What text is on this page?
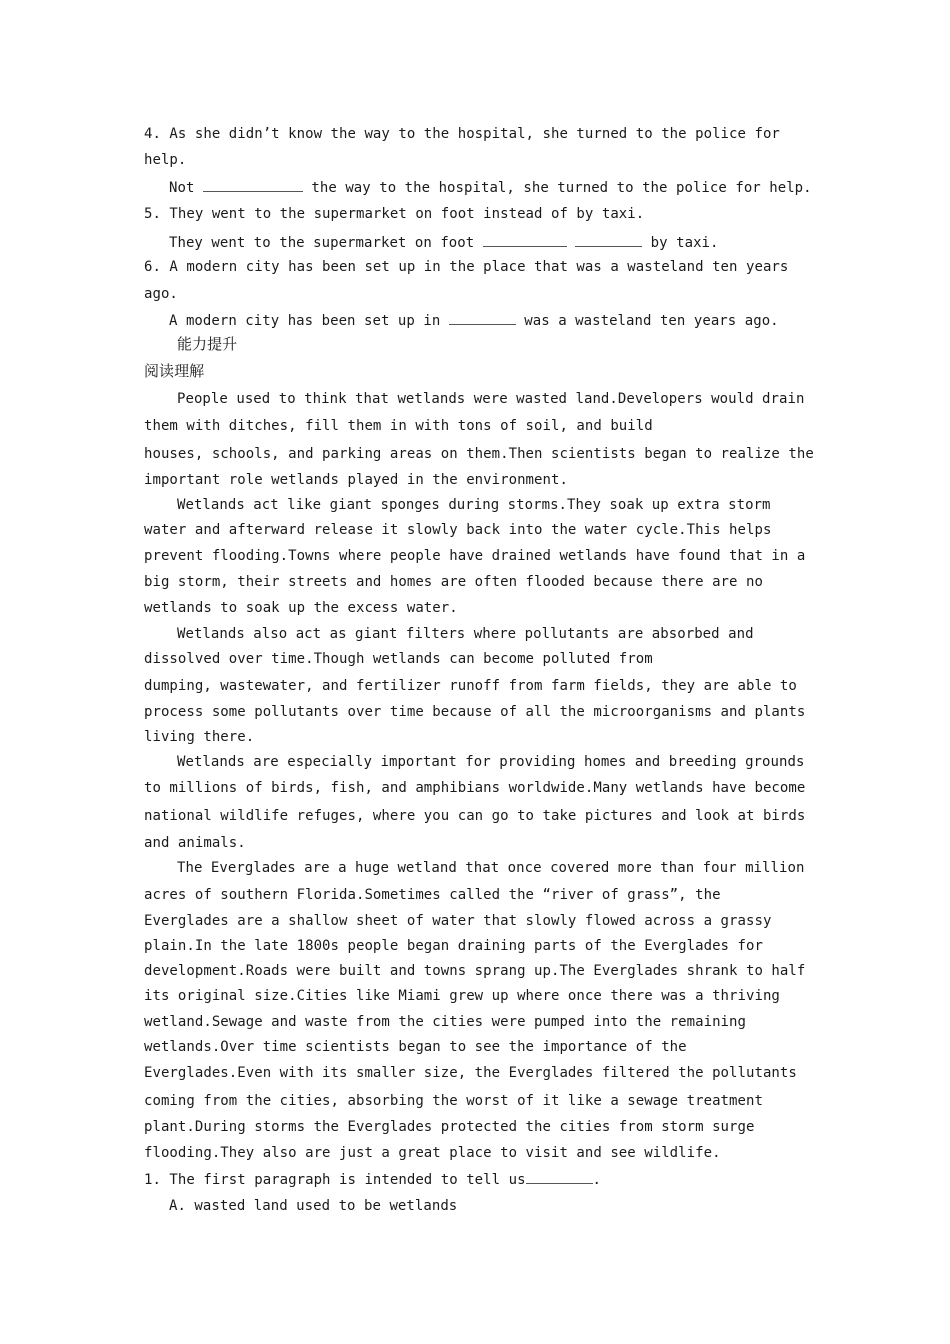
4. As she didn’t know the way to the hospital, she turned to the police for
help.
Not	the way to the hospital, she turned to the police for help.
5. They went to the supermarket on foot instead of by taxi.
They went to the supermarket on foot	by taxi.
6. A modern city has been set up in the place that was a wasteland ten years
ago.
A modern city has been set up in	was a wasteland ten years ago.
能力提升
阅读理解
People used to think that wetlands were wasted land.Developers would drain
them with ditches, fill them in with tons of soil, and build
houses, schools, and parking areas on them.Then scientists began to realize the
important role wetlands played in the environment.
Wetlands act like giant sponges during storms.They soak up extra storm
water and afterward release it slowly back into the water cycle.This helps
prevent flooding.Towns where people have drained wetlands have found that in a
big storm, their streets and homes are often flooded because there are no
wetlands to soak up the excess water.
Wetlands also act as giant filters where pollutants are absorbed and
dissolved over time.Though wetlands can become polluted from
dumping, wastewater, and fertilizer runoff from farm fields, they are able to
process some pollutants over time because of all the microorganisms and plants
living there.
Wetlands are especially important for providing homes and breeding grounds
to millions of birds, fish, and amphibians worldwide.Many wetlands have become
national wildlife refuges, where you can go to take pictures and look at birds
and animals.
The Everglades are a huge wetland that once covered more than four million
acres of southern Florida.Sometimes called the “river of grass”, the
Everglades are a shallow sheet of water that slowly flowed across a grassy
plain.In the late 1800s people began draining parts of the Everglades for
development.Roads were built and towns sprang up.The Everglades shrank to half
its original size.Cities like Miami grew up where once there was a thriving
wetland.Sewage and waste from the cities were pumped into the remaining
wetlands.Over time scientists began to see the importance of the
Everglades.Even with its smaller size, the Everglades filtered the pollutants
coming from the cities, absorbing the worst of it like a sewage treatment
plant.During storms the Everglades protected the cities from storm surge
flooding.They also are just a great place to visit and see wildlife.
1. The first paragraph is intended to tell us	.
A. wasted land used to be wetlands
